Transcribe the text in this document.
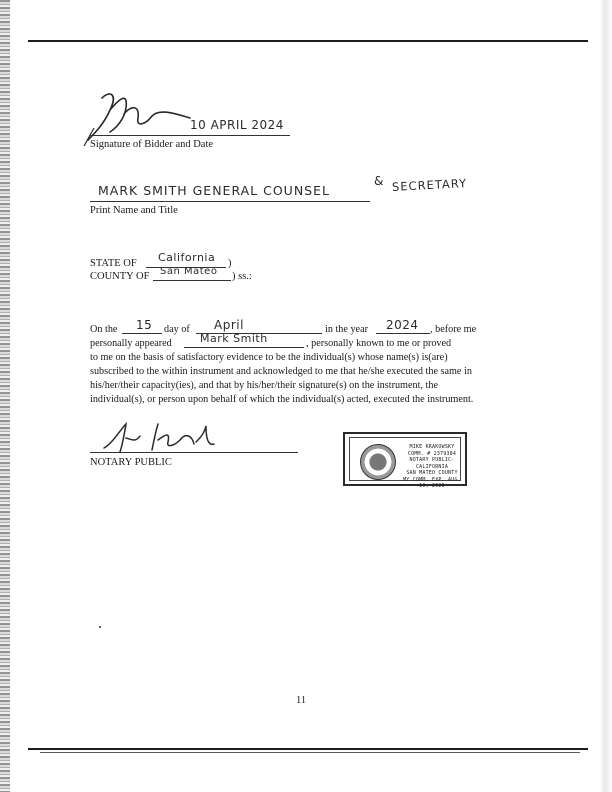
10 APRIL 2024
Signature of Bidder and Date
MARK SMITH GENERAL COUNSEL
& SECRETARY
Print Name and Title
STATE OF California )
COUNTY OF San Mateo ) ss.:
On the 15 day of April	in the year 2024 , before me
personally appeared	Mark Smith	, personally known to me or proved
to me on the basis of satisfactory evidence to be the individual(s) whose name(s) is(are)
subscribed to the within instrument and acknowledged to me that he/she executed the same in
his/her/their capacity(ies), and that by his/her/their signature(s) on the instrument, the
individual(s), or person upon behalf of which the individual(s) acted, executed the instrument.
NOTARY PUBLIC
MIKE KRAKOWSKY
COMM. # 2379384
NOTARY PUBLIC-CALIFORNIA
SAN MATEO COUNTY
MY COMM. EXP. AUG. 10, 2025
11
